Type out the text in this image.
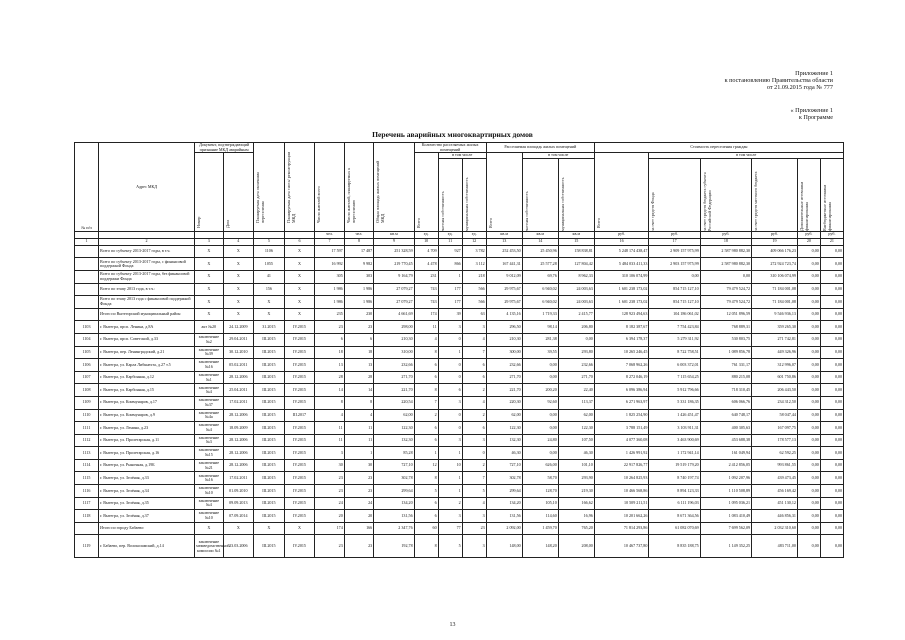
Приложение 1
к постановлению Правительства области
от 21.09.2015 года № 777
« Приложение 1
к Программе
Перечень аварийных многоквартирных домов
№ п/п	Адрес МКД	Документ, подтверждающий признание МКД аварийным		Планируемая дата окончания переселения	Планируемая дата сноса/ реконструкции МКД	Число жителей всего	Число жителей, планируемых к переселению	Общая площадь жилых помещений МКД	Количество расселяемых жилых помещений			Расселяемая площадь жилых помещений			Стоимость переселения граждан					

		Номер	Дата						Всего	в том числе		Всего	в том числе		Всего	в том числе				

										частная собственность	муниципальная собственность		частная собственность	муниципальная собственность		за счет средств Фонда	за счет средств бюджета субъекта Российской Федерации	за счет средств местного бюджета	Дополнительные источники финансирования	Внебюджетные источники финансирования

						чел.	чел.	кв.м	ед.	ед.	ед.	кв.м	кв.м	кв.м	руб.	руб.	руб.	руб.	руб.	руб.
1	2	3	4	5	6	7	8	9	10	11	12	13	14	15	16	17	18	19	20	21
	Всего по субъекту 2013-2017 годы, в т.ч.	Х	Х	1106	Х	17 597	17 487	251 328,59	4 709	927	3 782	252 453,50	25 450,96	158 838,81	5 248 174 438,47	2 909 157 975,99	2 587 980 882,30	409 066 176,23	0,00	0,00
	Всего по субъекту 2013-2017 годы, с финансовой поддержкой Фонда	Х	Х	1055	Х	16 992	9 982	219 770,45	4 478	866	3 112	167 441,31	25 577,28	127 804,42	5 484 033 411,33	2 903 157 975,99	2 587 980 882,30	272 924 723,74	0,00	0,00
	Всего по субъекту 2013-2017 годы, без финансовой поддержки Фонда	Х	Х	41	Х	305	303	9 164,79	231	1	218	9 012,09	69,76	8 962,33	310 106 074,99	0,00	0,00	310 106 074,99	0,00	0,00
	Всего по этапу 2013 года, в т.ч.:	Х	Х	156	Х	1 986	1 986	27 079,27	743	177	566	29 975,67	6 940,02	24 003,63	1 601 238 173,02	854 715 127,10	79 479 524,72	71 184 001,08	0,00	0,00
	Всего по этапу 2013 года с финансовой поддержкой Фонда	Х	Х	Х	Х	1 986	1 986	27 079,27	743	177	566	29 975,67	6 940,02	24 003,63	1 601 238 173,02	854 715 127,10	79 479 524,72	71 184 001,08	0,00	0,00
	Итого по Вытегорский муниципальный район	Х	Х	Х	Х	235	230	4 661,69	174	39	63	4 135,16	1 719,33	2 415,77	128 923 494,63	104 186 061,02	12 051 896,59	9 546 936,13	0,00	0,00
1103	г. Вытегра, прсп. Ленина, д.8А	акт №20	24.12.2009	31.2015	IV.2015	23	23	298,00	11	3	3	296,50	98,14	206,80	8 182 387,67	7 754 423,84	768 889,31	359 265,30	0,00	0,00
1104	г. Вытегра, прсп. Советский, д.33	заключение №2	29.04.2011	III.2015	IV.2015	6	6	210,30	4	0	4	210,30	281,38	0,00	6 394 178,37	5 279 311,92	530 803,75	271 742,81	0,00	0,00
1105	г. Вытегра, пер. Ленинградский, д.21	заключение №39	30.12.2010	III.2015	IV.2015	18	18	310,00	8	1	7	300,00	39,55	293,80	10 265 246,45	8 722 758,51	1 089 856,78	449 326,96	0,00	0,00
1106	г. Вытегра, ул. Карла Либкнехта, д.27 т.5	заключение №16	05.02.2011	III.2015	IV.2015	13	13	232,66	6	0	6	232,66	0,00	232,66	7 068 962,26	6 003 372,01	761 331,17	312 996,07	0,00	0,00
1107	г. Вытегра, ул. Карбонная, д.12	заключение №1	28.12.2006	III.2015	IV.2015	28	28	271,70	6	0	6	271,70	0,00	271,70	8 272 046,19	7 115 654,25	880 215,08	601 750,86	0,00	0,00
1108	г. Вытегра, ул. Карбонная, д.15	заключение №4	25.04.2011	III.2015	IV.2015	14	14	221,70	8	6	2	221,70	200,20	22,40	6 096 386,94	5 912 796,66	718 310,45	206 443,50	0,00	0,00
1109	г. Вытегра, ул. Коммунаров, д.17	заключение №37	17.02.2011	III.2015	IV.2015	8	8	220,54	7	3	4	220,30	92,60	113,37	6 271 963,97	5 331 186,35	606 066,76	234 312,50	0,00	0,00
1110	г. Вытегра, ул. Коммунаров, д.9	заключение №4а	28.12.2006	III.2015	III.2017	4	4	62,00	2	0	2	62,00	0,00	62,00	1 825 254,90	1 426 451,47	640 748,17	58 047,44	0,00	0,00
1111	г. Вытегра, ул. Ленина, д.23	заключение №4	18.09.2009	III.2015	IV.2015	11	11	122,30	6	0	6	122,30	0,00	122,30	3 788 151,49	3 103 911,31	400 305,63	167 097,75	0,00	0,00
1112	г. Вытегра, ул. Пролетарская, д.11	заключение №3	28.12.2006	III.2015	IV.2015	11	11	132,30	6	3	3	132,30	24,80	107,50	4 077 360,08	3 463 900,69	453 688,38	178 577,13	0,00	0,00
1113	г. Вытегра, ул. Пролетарская, д.16	заключение №15	28.12.2006	III.2015	IV.2015	3	1	85,28	1	1	0	46,30	0,00	46,30	1 426 991,92	1 172 941,14	161 049,94	62 592,25	0,00	0,00
1114	г. Вытегра, ул. Рыночная, д.19Б	заключение №21	28.12.2006	III.2015	IV.2015	30	30	727,10	12	10	2	727,10	626,00	101,10	22 917 826,77	19 519 179,20	2 412 856,05	993 861,55	0,00	0,00
1115	г. Вытегра, ул. Зелёная, д.33	заключение №16	17.02.2011	III.2015	IV.2015	23	23	302,78	8	1	7	302,78	58,70	293,90	10 264 825,93	8 740 197,74	1 092 207,96	439 473,45	0,00	0,00
1116	г. Вытегра, ул. Зелёная, д.34	заключение №10	01.09.2010	III.2015	IV.2015	23	23	299,64	5	1	5	299,64	128,70	219,30	10 466 568,86	8 894 123,33	1 110 508,89	456 169,42	0,00	0,00
1117	г. Вытегра, ул. Зелёная, д.35	заключение №4	09.09.2013	III.2015	IV.2015	24	24	134,20	6	2	4	134,20	105,10	166,62	10 509 211,51	6 111 196,03	1 095 036,21	451 130,12	0,00	0,00
1118	г. Вытегра, ул. Зелёная, д.37	заключение №10	07.09.2014	III.2015	IV.2015	20	20	131,56	6	3	3	131,56	114,60	16,96	10 201 662,26	8 671 364,56	1 083 410,49	446 856,31	0,00	0,00
	Итого по городу Бабаево:	Х	Х	Х	Х	174	166	2 347,76	60	77	23	2 092,00	1 459,70	765,20	71 814 293,86	61 082 070,69	7 699 562,09	2 032 310,60	0,00	0,00
1119	г. Бабаево, пер. Волоколамский, д.14	заключение межведомственной комиссии №1	23.03.2006	III.2015	IV.2015	23	23	192,78	8	5	3	148,00	148,20	208,00	10 467 737,80	8 835 188,75	1 149 352,25	483 711,00	0,00	0,00
13
